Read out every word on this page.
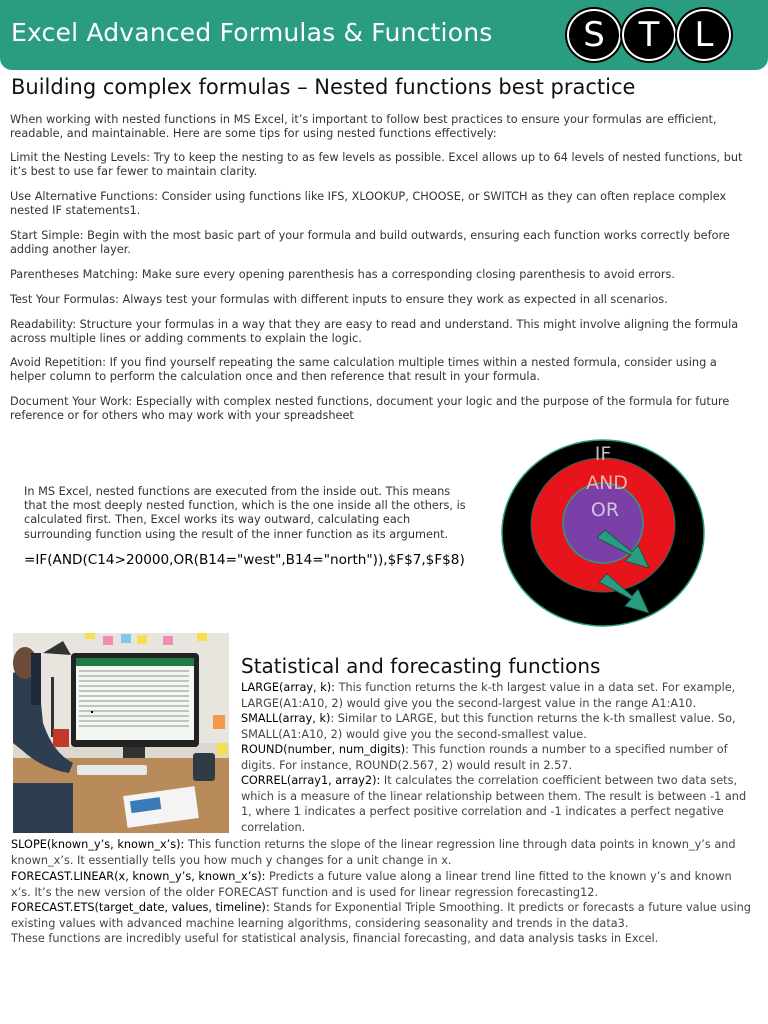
Excel Advanced Formulas & Functions	S T	L
Building complex formulas – Nested functions best practice
When working with nested functions in MS Excel, it’s important to follow best practices to ensure your formulas are efficient, readable, and maintainable. Here are some tips for using nested functions effectively:
Limit the Nesting Levels: Try to keep the nesting to as few levels as possible. Excel allows up to 64 levels of nested functions, but it’s best to use far fewer to maintain clarity.
Use Alternative Functions: Consider using functions like IFS, XLOOKUP, CHOOSE, or SWITCH as they can often replace complex nested IF statements1.
Start Simple: Begin with the most basic part of your formula and build outwards, ensuring each function works correctly before adding another layer.
Parentheses Matching: Make sure every opening parenthesis has a corresponding closing parenthesis to avoid errors.
Test Your Formulas: Always test your formulas with different inputs to ensure they work as expected in all scenarios.
Readability: Structure your formulas in a way that they are easy to read and understand. This might involve aligning the formula across multiple lines or adding comments to explain the logic.
Avoid Repetition: If you find yourself repeating the same calculation multiple times within a nested formula, consider using a helper column to perform the calculation once and then reference that result in your formula.
Document Your Work: Especially with complex nested functions, document your logic and the purpose of the formula for future reference or for others who may work with your spreadsheet
In MS Excel, nested functions are executed from the inside out. This means that the most deeply nested function, which is the one inside all the others, is calculated first. Then, Excel works its way outward, calculating each surrounding function using the result of the inner function as its argument.
=IF(AND(C14>20000,OR(B14="west",B14="north")),$F$7,$F$8)
IF
AND
OR
Statistical and forecasting functions
LARGE(array, k): This function returns the k-th largest value in a data set. For example, LARGE(A1:A10, 2) would give you the second-largest value in the range A1:A10.
SMALL(array, k): Similar to LARGE, but this function returns the k-th smallest value. So, SMALL(A1:A10, 2) would give you the second-smallest value.
ROUND(number, num_digits): This function rounds a number to a specified number of digits. For instance, ROUND(2.567, 2) would result in 2.57.
CORREL(array1, array2): It calculates the correlation coefficient between two data sets, which is a measure of the linear relationship between them. The result is between -1 and 1, where 1 indicates a perfect positive correlation and -1 indicates a perfect negative correlation.
SLOPE(known_y’s, known_x’s): This function returns the slope of the linear regression line through data points in known_y’s and known_x’s. It essentially tells you how much y changes for a unit change in x.
FORECAST.LINEAR(x, known_y’s, known_x’s): Predicts a future value along a linear trend line fitted to the known y’s and known x’s. It’s the new version of the older FORECAST function and is used for linear regression forecasting12.
FORECAST.ETS(target_date, values, timeline): Stands for Exponential Triple Smoothing. It predicts or forecasts a future value using existing values with advanced machine learning algorithms, considering seasonality and trends in the data3.
These functions are incredibly useful for statistical analysis, financial forecasting, and data analysis tasks in Excel.
